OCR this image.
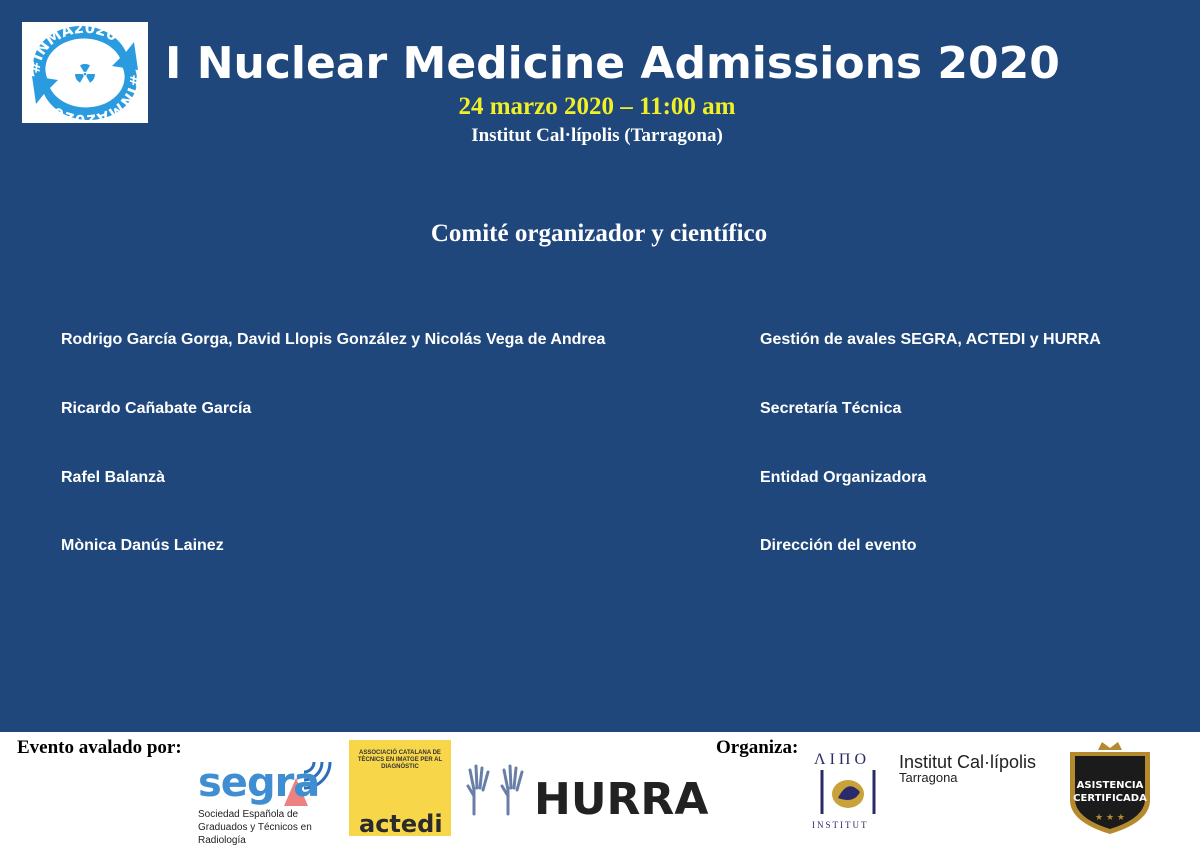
#INMA2020
#INMA2020
I Nuclear Medicine Admissions 2020
24 marzo 2020 – 11:00 am
Institut Cal·lípolis (Tarragona)
Comité organizador y científico
Rodrigo García Gorga, David Llopis González y Nicolás Vega de Andrea	Gestión de avales SEGRA, ACTEDI y HURRA
Ricardo Cañabate García	Secretaría Técnica
Rafel Balanzà	Entidad Organizadora
Mònica Danús Lainez	Dirección del evento
Evento avalado por:	Organiza:
segra
Sociedad Española de
Graduados y Técnicos en Radiología
ASSOCIACIÓ CATALANA DE TÈCNICS EN IMATGE PER AL DIAGNÒSTIC
actedi HURRA
ΛΙΠΟ
INSTITUT
Institut Cal·lípolis
Tarragona
ASISTENCIA
CERTIFICADA
★ ★ ★
